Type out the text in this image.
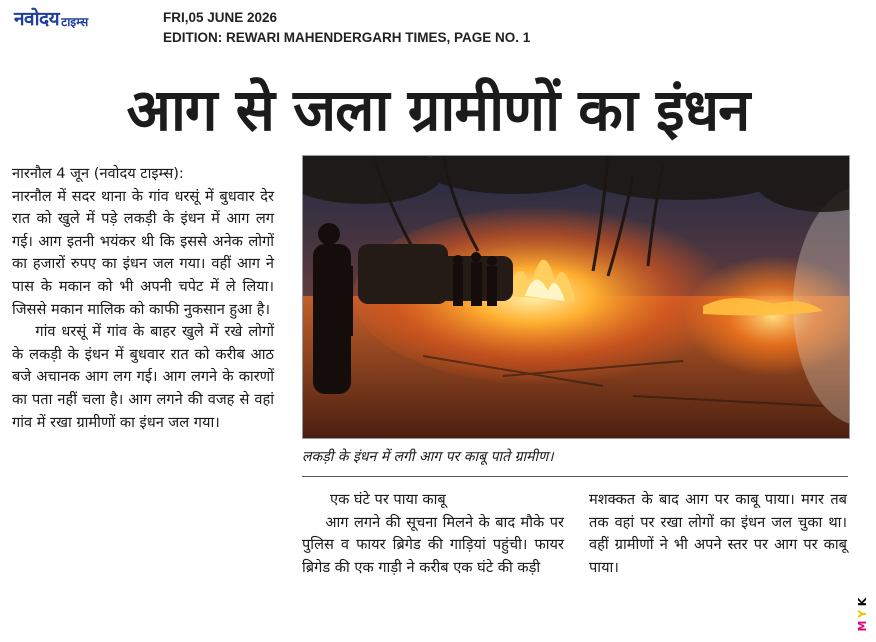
नवोदय टाइम्स	FRI,05 JUNE 2026
EDITION: REWARI MAHENDERGARH TIMES, PAGE NO. 1
आग से जला ग्रामीणों का इंधन

नारनौल 4 जून (नवोदय टाइम्स):

नारनौल में सदर थाना के गांव धरसूं में बुधवार देर रात को खुले में पड़े लकड़ी के इंधन में आग लग गई। आग इतनी भयंकर थी कि इससे अनेक लोगों का हजारों रुपए का इंधन जल गया। वहीं आग ने पास के मकान को भी अपनी चपेट में ले लिया। जिससे मकान मालिक को काफी नुकसान हुआ है।

गांव धरसूं में गांव के बाहर खुले में रखे लोगों के लकड़ी के इंधन में बुधवार रात को करीब आठ बजे अचानक आग लग गई। आग लगने के कारणों का पता नहीं चला है। आग लगने की वजह से वहां गांव में रखा ग्रामीणों का इंधन जल गया।

लकड़ी के इंधन में लगी आग पर काबू पाते ग्रामीण।

एक घंटे पर पाया काबू

आग लगने की सूचना मिलने के बाद मौके पर पुलिस व फायर ब्रिगेड की गाड़ियां पहुंची। फायर ब्रिगेड की एक गाड़ी ने करीब एक घंटे की कड़ी

मशक्कत के बाद आग पर काबू पाया। मगर तब तक वहां पर रखा लोगों का इंधन जल चुका था। वहीं ग्रामीणों ने भी अपने स्तर पर आग पर काबू पाया।

K
Y
M
